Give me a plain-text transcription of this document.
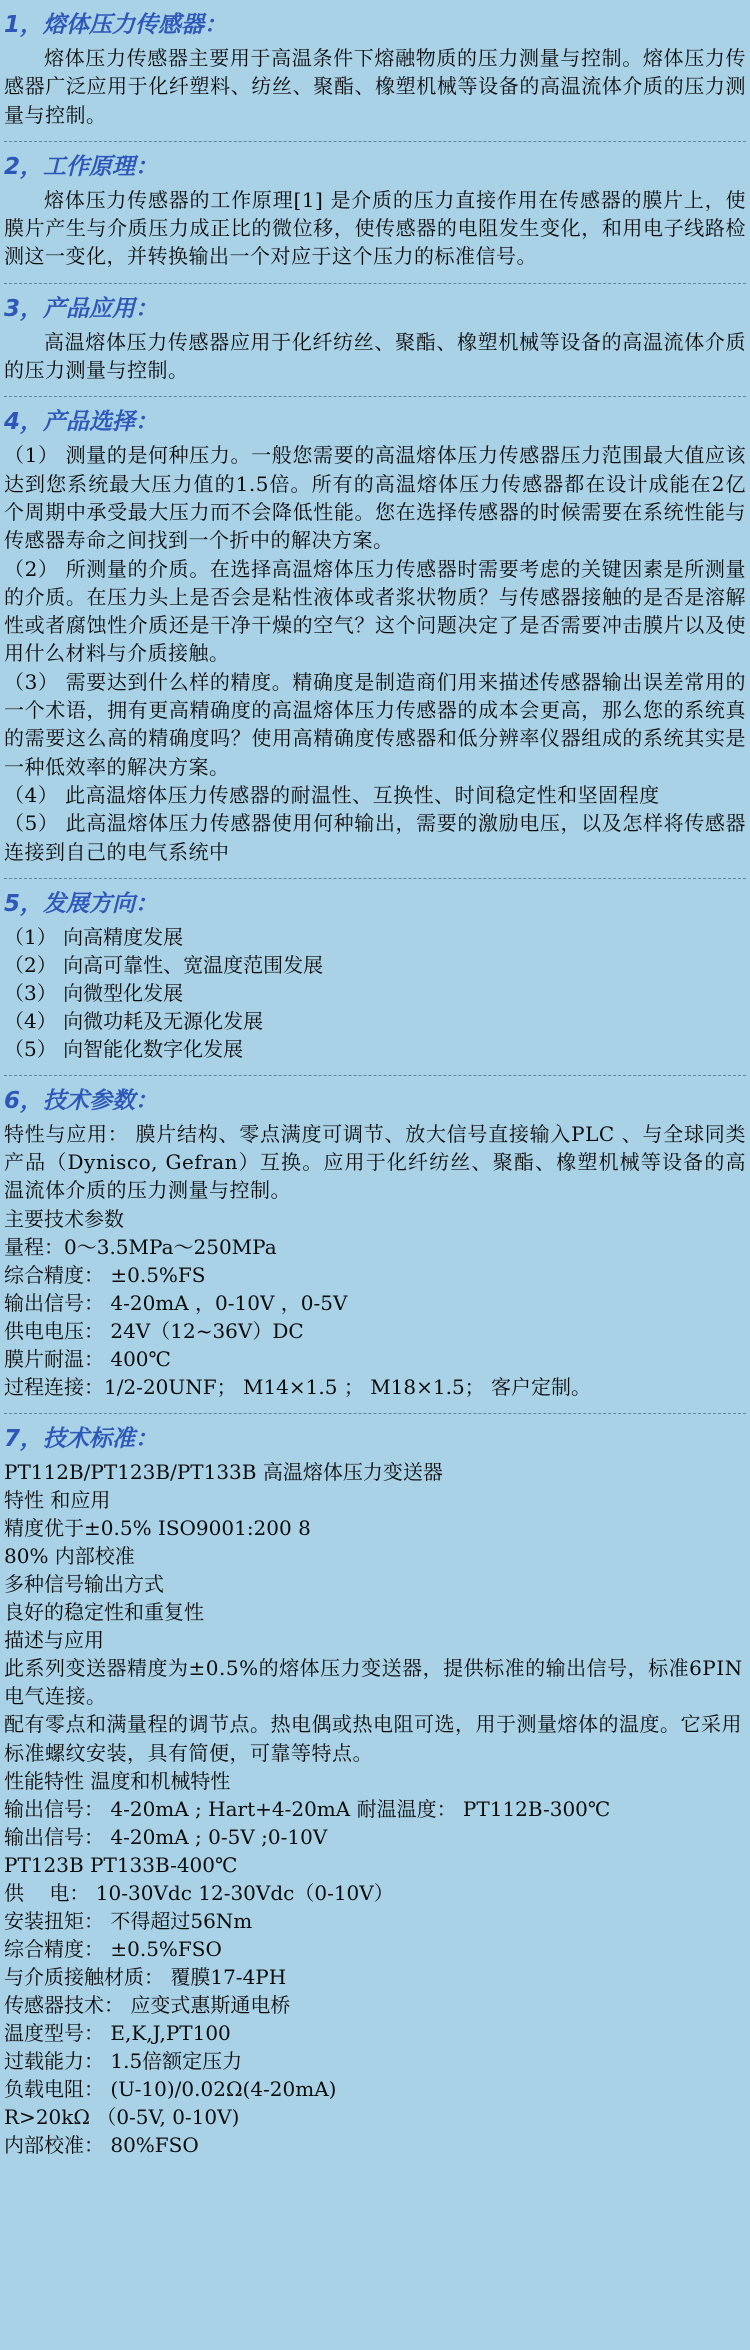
1，熔体压力传感器：

熔体压力传感器主要用于高温条件下熔融物质的压力测量与控制。熔体压力传感器广泛应用于化纤塑料、纺丝、聚酯、橡塑机械等设备的高温流体介质的压力测量与控制。

2，工作原理：

熔体压力传感器的工作原理[1] 是介质的压力直接作用在传感器的膜片上，使膜片产生与介质压力成正比的微位移，使传感器的电阻发生变化，和用电子线路检测这一变化，并转换输出一个对应于这个压力的标准信号。

3，产品应用：

高温熔体压力传感器应用于化纤纺丝、聚酯、橡塑机械等设备的高温流体介质的压力测量与控制。

4，产品选择：

（1） 测量的是何种压力。一般您需要的高温熔体压力传感器压力范围最大值应该达到您系统最大压力值的1.5倍。所有的高温熔体压力传感器都在设计成能在2亿个周期中承受最大压力而不会降低性能。您在选择传感器的时候需要在系统性能与传感器寿命之间找到一个折中的解决方案。

（2） 所测量的介质。在选择高温熔体压力传感器时需要考虑的关键因素是所测量的介质。在压力头上是否会是粘性液体或者浆状物质？与传感器接触的是否是溶解性或者腐蚀性介质还是干净干燥的空气？这个问题决定了是否需要冲击膜片以及使用什么材料与介质接触。

（3） 需要达到什么样的精度。精确度是制造商们用来描述传感器输出误差常用的一个术语，拥有更高精确度的高温熔体压力传感器的成本会更高，那么您的系统真的需要这么高的精确度吗？使用高精确度传感器和低分辨率仪器组成的系统其实是一种低效率的解决方案。

（4） 此高温熔体压力传感器的耐温性、互换性、时间稳定性和坚固程度

（5） 此高温熔体压力传感器使用何种输出，需要的激励电压，以及怎样将传感器连接到自己的电气系统中

5，发展方向：

（1） 向高精度发展

（2） 向高可靠性、宽温度范围发展

（3） 向微型化发展

（4） 向微功耗及无源化发展

（5） 向智能化数字化发展

6，技术参数：

特性与应用： 膜片结构、零点满度可调节、放大信号直接输入PLC 、与全球同类产品（Dynisco, Gefran）互换。应用于化纤纺丝、聚酯、橡塑机械等设备的高温流体介质的压力测量与控制。

主要技术参数

量程：0～3.5MPa～250MPa

综合精度： ±0.5%FS

输出信号： 4-20mA ，0-10V ，0-5V

供电电压： 24V（12~36V）DC

膜片耐温： 400℃

过程连接：1/2-20UNF； M14×1.5 ； M18×1.5； 客户定制。

7，技术标准：

PT112B/PT123B/PT133B 高温熔体压力变送器

特性 和应用

精度优于±0.5% ISO9001:200 8

80% 内部校准

多种信号输出方式

良好的稳定性和重复性

描述与应用

此系列变送器精度为±0.5%的熔体压力变送器，提供标准的输出信号，标准6PIN电气连接。

配有零点和满量程的调节点。热电偶或热电阻可选，用于测量熔体的温度。它采用标准螺纹安装，具有简便，可靠等特点。

性能特性 温度和机械特性

输出信号： 4-20mA ; Hart+4-20mA 耐温温度： PT112B-300℃

输出信号： 4-20mA ; 0-5V ;0-10V

PT123B PT133B-400℃

供    电： 10-30Vdc 12-30Vdc（0-10V）

安装扭矩： 不得超过56Nm

综合精度： ±0.5%FSO

与介质接触材质： 覆膜17-4PH

传感器技术： 应变式惠斯通电桥

温度型号： E,K,J,PT100

过载能力： 1.5倍额定压力

负载电阻： (U-10)/0.02Ω(4-20mA)

R>20kΩ （0-5V, 0-10V)

内部校准： 80%FSO
